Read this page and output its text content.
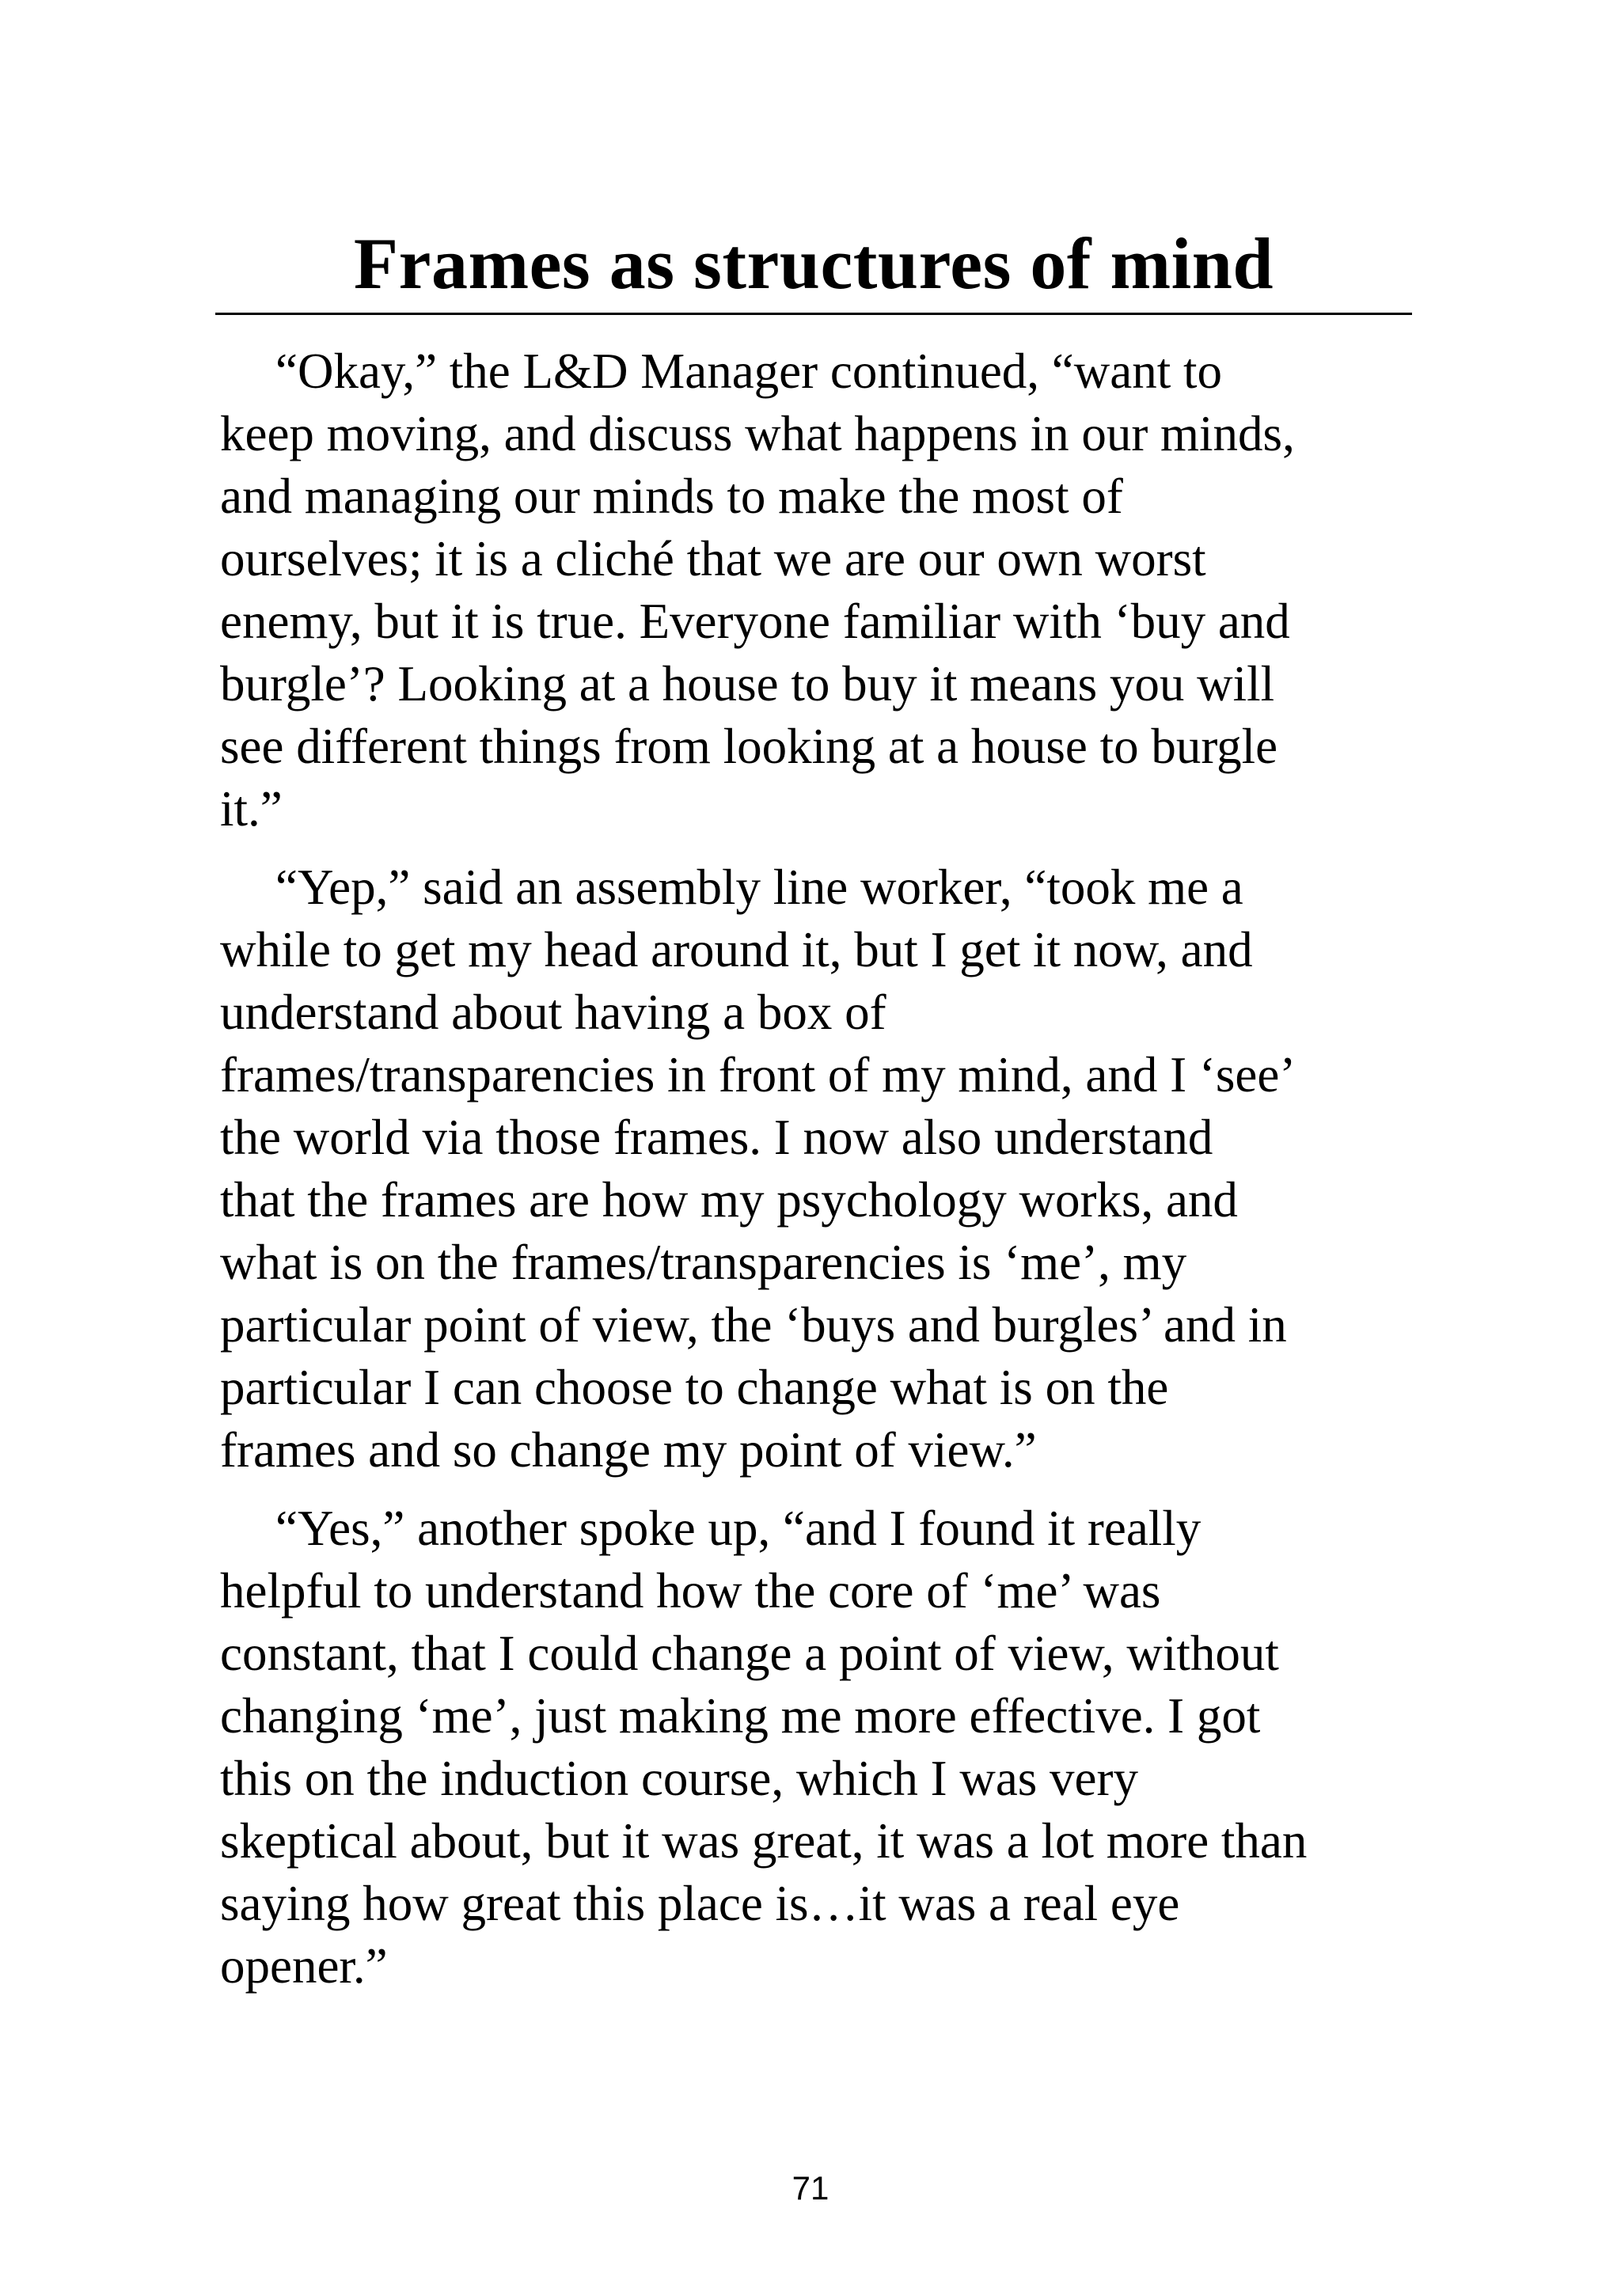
Frames as structures of mind

“Okay,” the L&D Manager continued, “want to
keep moving, and discuss what happens in our minds,
and managing our minds to make the most of
ourselves; it is a cliché that we are our own worst
enemy, but it is true. Everyone familiar with ‘buy and
burgle’? Looking at a house to buy it means you will
see different things from looking at a house to burgle
it.”

“Yep,” said an assembly line worker, “took me a
while to get my head around it, but I get it now, and
understand about having a box of
frames/transparencies in front of my mind, and I ‘see’
the world via those frames. I now also understand
that the frames are how my psychology works, and
what is on the frames/transparencies is ‘me’, my
particular point of view, the ‘buys and burgles’ and in
particular I can choose to change what is on the
frames and so change my point of view.”

“Yes,” another spoke up, “and I found it really
helpful to understand how the core of ‘me’ was
constant, that I could change a point of view, without
changing ‘me’, just making me more effective. I got
this on the induction course, which I was very
skeptical about, but it was great, it was a lot more than
saying how great this place is…it was a real eye
opener.”

71
